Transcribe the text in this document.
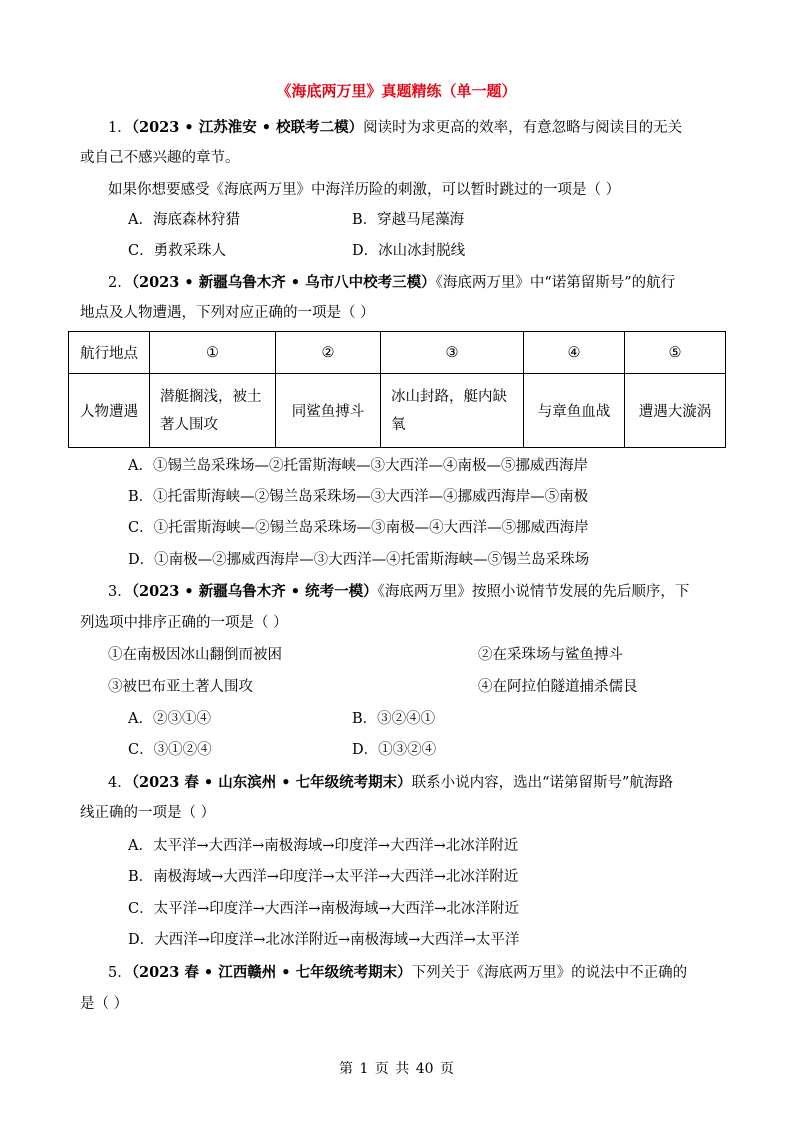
《海底两万里》真题精练（单一题）
1．（2023 • 江苏淮安 • 校联考二模）阅读时为求更高的效率，有意忽略与阅读目的无关
或自己不感兴趣的章节。
如果你想要感受《海底两万里》中海洋历险的刺激，可以暂时跳过的一项是（ ）
A．海底森林狩猎	B．穿越马尾藻海
C．勇救采珠人	D．冰山冰封脱线
2．（2023 • 新疆乌鲁木齐 • 乌市八中校考三模）《海底两万里》中“诺第留斯号”的航行
地点及人物遭遇，下列对应正确的一项是（ ）
航行地点	①	②	③	④	⑤
人物遭遇	潜艇搁浅，被土著人围攻	同鲨鱼搏斗	冰山封路，艇内缺氧	与章鱼血战	遭遇大漩涡
A．①锡兰岛采珠场—②托雷斯海峡—③大西洋—④南极—⑤挪威西海岸
B．①托雷斯海峡—②锡兰岛采珠场—③大西洋—④挪威西海岸—⑤南极
C．①托雷斯海峡—②锡兰岛采珠场—③南极—④大西洋—⑤挪威西海岸
D．①南极—②挪威西海岸—③大西洋—④托雷斯海峡—⑤锡兰岛采珠场
3．（2023 • 新疆乌鲁木齐 • 统考一模）《海底两万里》按照小说情节发展的先后顺序，下
列选项中排序正确的一项是（ ）
①在南极因冰山翻倒而被困	②在采珠场与鲨鱼搏斗
③被巴布亚土著人围攻	④在阿拉伯隧道捕杀儒艮
A．②③①④	B．③②④①
C．③①②④	D．①③②④
4．（2023 春 • 山东滨州 • 七年级统考期末）联系小说内容，选出“诺第留斯号”航海路
线正确的一项是（ ）
A．太平洋→大西洋→南极海域→印度洋→大西洋→北冰洋附近
B．南极海域→大西洋→印度洋→太平洋→大西洋→北冰洋附近
C．太平洋→印度洋→大西洋→南极海域→大西洋→北冰洋附近
D．大西洋→印度洋→北冰洋附近→南极海域→大西洋→太平洋
5．（2023 春 • 江西赣州 • 七年级统考期末）下列关于《海底两万里》的说法中不正确的
是（ ）
第 1 页 共 40 页
